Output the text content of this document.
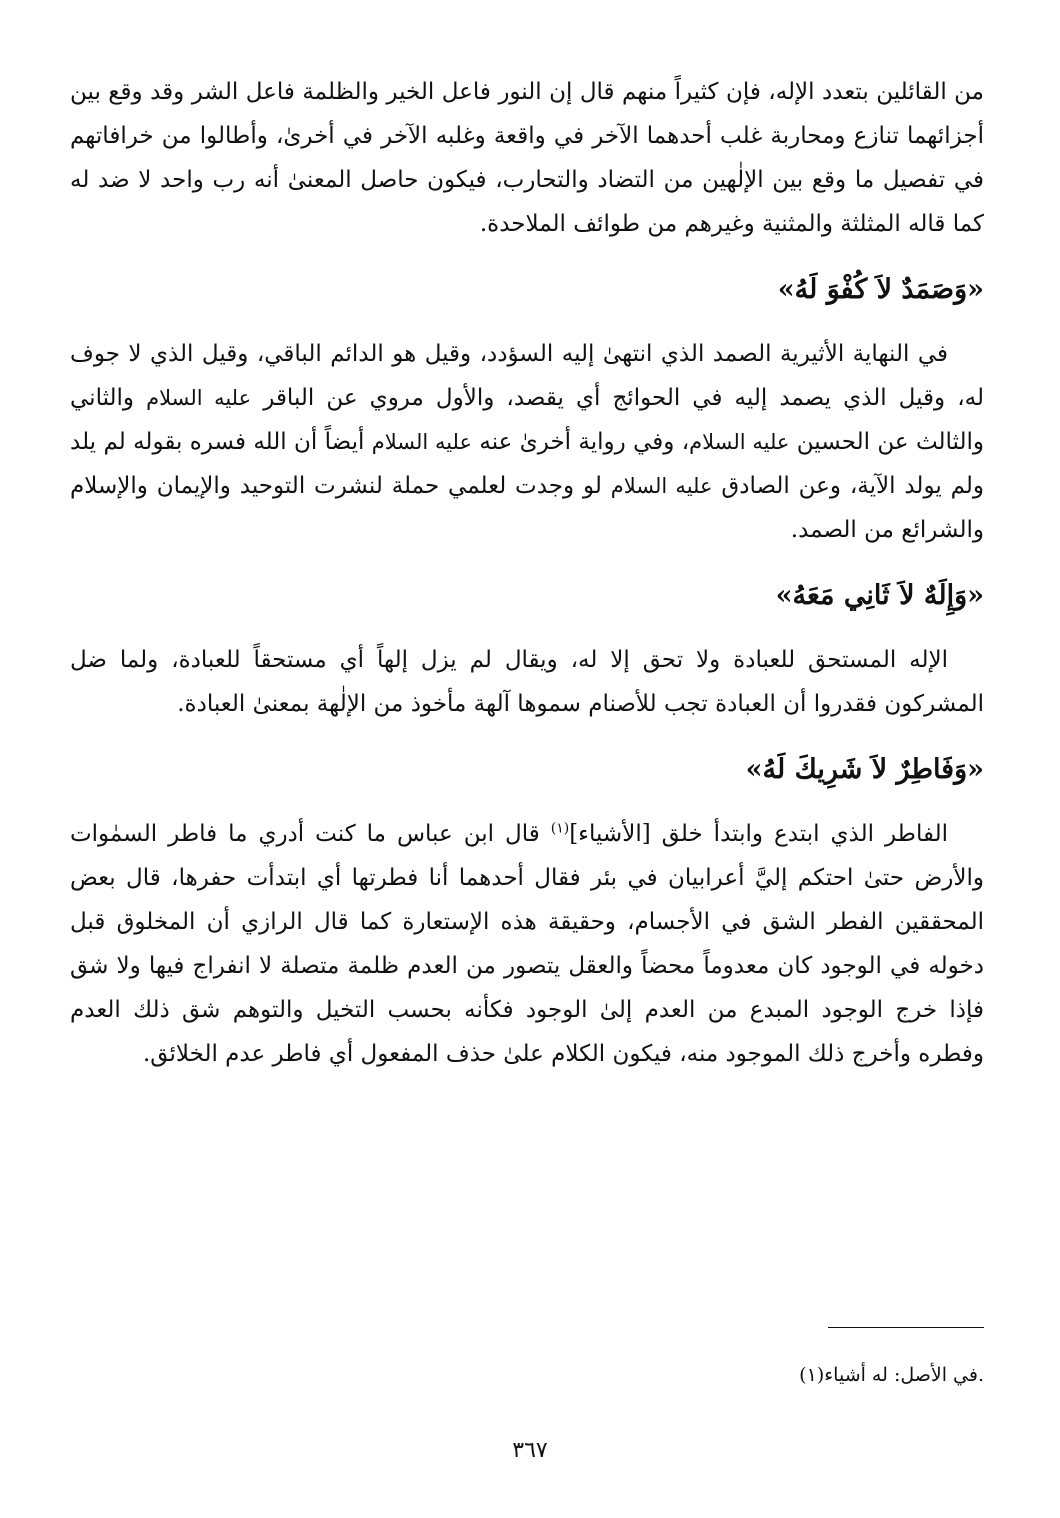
من القائلين بتعدد الإله، فإن كثيراً منهم قال إن النور فاعل الخير والظلمة فاعل الشر وقد وقع بين أجزائهما تنازع ومحاربة غلب أحدهما الآخر في واقعة وغلبه الآخر في أخرىٰ، وأطالوا من خرافاتهم في تفصيل ما وقع بين الإلٰهين من التضاد والتحارب، فيكون حاصل المعنىٰ أنه رب واحد لا ضد له كما قاله المثلثة والمثنية وغيرهم من طوائف الملاحدة.

«وَصَمَدٌ لاَ كُفْوَ لَهُ»

في النهاية الأثيرية الصمد الذي انتهىٰ إليه السؤدد، وقيل هو الدائم الباقي، وقيل الذي لا جوف له، وقيل الذي يصمد إليه في الحوائج أي يقصد، والأول مروي عن الباقر عليه السلام والثاني والثالث عن الحسين عليه السلام، وفي رواية أخرىٰ عنه عليه السلام أيضاً أن الله فسره بقوله لم يلد ولم يولد الآية، وعن الصادق عليه السلام لو وجدت لعلمي حملة لنشرت التوحيد والإيمان والإسلام والشرائع من الصمد.

«وَإِلَهٌ لاَ ثَانِي مَعَهُ»

الإله المستحق للعبادة ولا تحق إلا له، ويقال لم يزل إلهاً أي مستحقاً للعبادة، ولما ضل المشركون فقدروا أن العبادة تجب للأصنام سموها آلهة مأخوذ من الإلٰهة بمعنىٰ العبادة.

«وَفَاطِرٌ لاَ شَرِيكَ لَهُ»

الفاطر الذي ابتدع وابتدأ خلق [الأشياء]$^{(١)}$ قال ابن عباس ما كنت أدري ما فاطر السمٰوات والأرض حتىٰ احتكم إليَّ أعرابيان في بئر فقال أحدهما أنا فطرتها أي ابتدأت حفرها، قال بعض المحققين الفطر الشق في الأجسام، وحقيقة هذه الإستعارة كما قال الرازي أن المخلوق قبل دخوله في الوجود كان معدوماً محضاً والعقل يتصور من العدم ظلمة متصلة لا انفراج فيها ولا شق فإذا خرج الوجود المبدع من العدم إلىٰ الوجود فكأنه بحسب التخيل والتوهم شق ذلك العدم وفطره وأخرج ذلك الموجود منه، فيكون الكلام علىٰ حذف المفعول أي فاطر عدم الخلائق.

(١)في الأصل: له أشياء.

٣٦٧
